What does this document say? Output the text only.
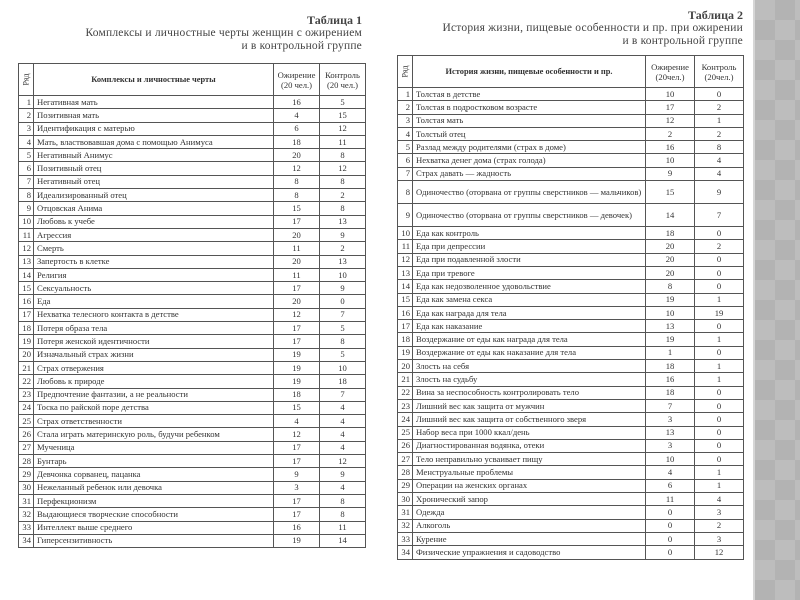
Таблица 1
Комплексы и личностные черты женщин с ожирением
и в контрольной группе
Ряд	Комплексы и личностные черты	Ожирение (20 чел.)	Контроль (20 чел.)
1	Негативная мать	16	5
2	Позитивная мать	4	15
3	Идентификация с матерью	6	12
4	Мать, властвовавшая дома с помощью Анимуса	18	11
5	Негативный Анимус	20	8
6	Позитивный отец	12	12
7	Негативный отец	8	8
8	Идеализированный отец	8	2
9	Отцовская Анима	15	8
10	Любовь к учебе	17	13
11	Агрессия	20	9
12	Смерть	11	2
13	Запертость в клетке	20	13
14	Религия	11	10
15	Сексуальность	17	9
16	Еда	20	0
17	Нехватка телесного контакта в детстве	12	7
18	Потеря образа тела	17	5
19	Потеря женской идентичности	17	8
20	Изначальный страх жизни	19	5
21	Страх отвержения	19	10
22	Любовь к природе	19	18
23	Предпочтение фантазии, а не реальности	18	7
24	Тоска по райской поре детства	15	4
25	Страх ответственности	4	4
26	Стала играть материнскую роль, будучи ребенком	12	4
27	Мученица	17	4
28	Бунтарь	17	12
29	Девчонка сорванец, пацанка	9	9
30	Нежеланный ребенок или девочка	3	4
31	Перфекционизм	17	8
32	Выдающиеся творческие способности	17	8
33	Интеллект выше среднего	16	11
34	Гиперсензитивность	19	14
Таблица 2
История жизни, пищевые особенности и пр. при ожирении
и в контрольной группе
Ряд	История жизни, пищевые особенности и пр.	Ожирение (20чел.)	Контроль (20чел.)
1	Толстая в детстве	10	0
2	Толстая в подростковом возрасте	17	2
3	Толстая мать	12	1
4	Толстый отец	2	2
5	Разлад между родителями (страх в доме)	16	8
6	Нехватка денег дома (страх голода)	10	4
7	Страх давать — жадность	9	4
8	Одиночество (оторвана от группы сверстников — мальчиков)	15	9
9	Одиночество (оторвана от группы сверстников — девочек)	14	7
10	Еда как контроль	18	0
11	Еда при депрессии	20	2
12	Еда при подавленной злости	20	0
13	Еда при тревоге	20	0
14	Еда как недозволенное удовольствие	8	0
15	Еда как замена секса	19	1
16	Еда как награда для тела	10	19
17	Еда как наказание	13	0
18	Воздержание от еды как награда для тела	19	1
19	Воздержание от еды как наказание для тела	1	0
20	Злость на себя	18	1
21	Злость на судьбу	16	1
22	Вина за неспособность контролировать тело	18	0
23	Лишний вес как защита от мужчин	7	0
24	Лишний вес как защита от собственного зверя	3	0
25	Набор веса при 1000 ккал/день	13	0
26	Диагностированная водянка, отеки	3	0
27	Тело неправильно усваивает пищу	10	0
28	Менструальные проблемы	4	1
29	Операции на женских органах	6	1
30	Хронический запор	11	4
31	Одежда	0	3
32	Алкоголь	0	2
33	Курение	0	3
34	Физические упражнения и садоводство	0	12
